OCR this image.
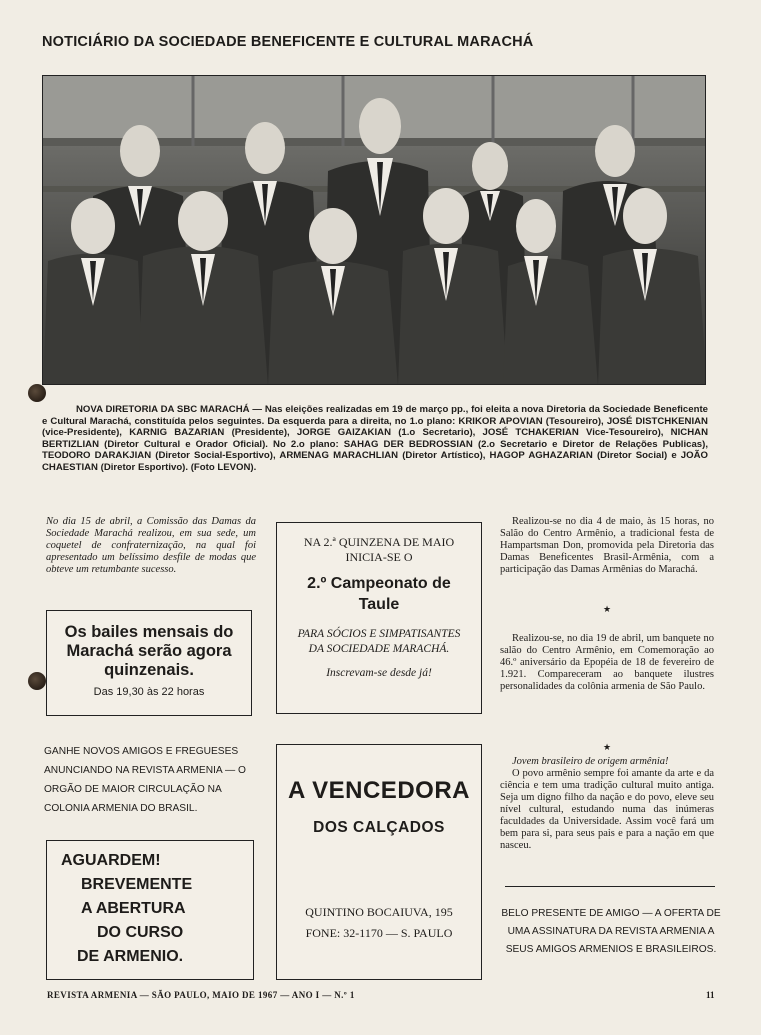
NOTICIÁRIO DA SOCIEDADE BENEFICENTE E CULTURAL MARACHÁ
NOVA DIRETORIA DA SBC MARACHÁ — Nas eleições realizadas em 19 de março pp., foi eleita a nova Diretoria da Sociedade Beneficente e Cultural Marachá, constituída pelos seguintes. Da esquerda para a direita, no 1.o plano: KRIKOR APOVIAN (Tesoureiro), JOSÉ DISTCHKENIAN (vice-Presidente), KARNIG BAZARIAN (Presidente), JORGE GAIZAKIAN (1.o Secretario), JOSÉ TCHAKERIAN Vice-Tesoureiro), NICHAN BERTIZLIAN (Diretor Cultural e Orador Oficial). No 2.o plano: SAHAG DER BEDROSSIAN (2.o Secretario e Diretor de Relações Publicas), TEODORO DARAKJIAN (Diretor Social-Esportivo), ARMENAG MARACHLIAN (Diretor Artístico), HAGOP AGHAZARIAN (Diretor Social) e JOÃO CHAESTIAN (Diretor Esportivo). (Foto LEVON).
No dia 15 de abril, a Comissão das Damas da Sociedade Marachá realizou, em sua sede, um coquetel de confraternização, na qual foi apresentado um belíssimo desfile de modas que obteve um retumbante sucesso.
Os bailes mensais do Marachá serão agora quinzenais.
Das 19,30 às 22 horas
GANHE NOVOS AMIGOS E FREGUESES ANUNCIANDO NA REVISTA ARMENIA — O ORGÃO DE MAIOR CIRCULAÇÃO NA COLONIA ARMENIA DO BRASIL.
AGUARDEM!
BREVEMENTE
A ABERTURA
DO CURSO
DE ARMENIO.
NA 2.ª QUINZENA DE MAIO INICIA-SE O
2.º Campeonato de Taule
PARA SÓCIOS E SIMPATISANTES DA SOCIEDADE MARACHÁ.
Inscrevam-se desde já!
A VENCEDORA
DOS CALÇADOS
QUINTINO BOCAIUVA, 195
FONE: 32-1170 — S. PAULO
Realizou-se no dia 4 de maio, às 15 horas, no Salão do Centro Armênio, a tradicional festa de Hampartsman Don, promovida pela Diretoria das Damas Beneficentes Brasil-Armênia, com a participação das Damas Armênias do Marachá.
★
Realizou-se, no dia 19 de abril, um banquete no salão do Centro Armênio, em Comemoração ao 46.º aniversário da Epopéia de 18 de fevereiro de 1.921. Compareceram ao banquete ilustres personalidades da colônia armenia de São Paulo.
★
Jovem brasileiro de origem armênia!
O povo armênio sempre foi amante da arte e da ciência e tem uma tradição cultural muito antiga. Seja um digno filho da nação e do povo, eleve seu nível cultural, estudando numa das inúmeras faculdades da Universidade. Assim você fará um bem para si, para seus pais e para a nação em que nasceu.
BELO PRESENTE DE AMIGO — A OFERTA DE UMA ASSINATURA DA REVISTA ARMENIA A SEUS AMIGOS ARMENIOS E BRASILEIROS.
REVISTA ARMENIA — SÃO PAULO, MAIO DE 1967 — ANO I — N.º 1	11
